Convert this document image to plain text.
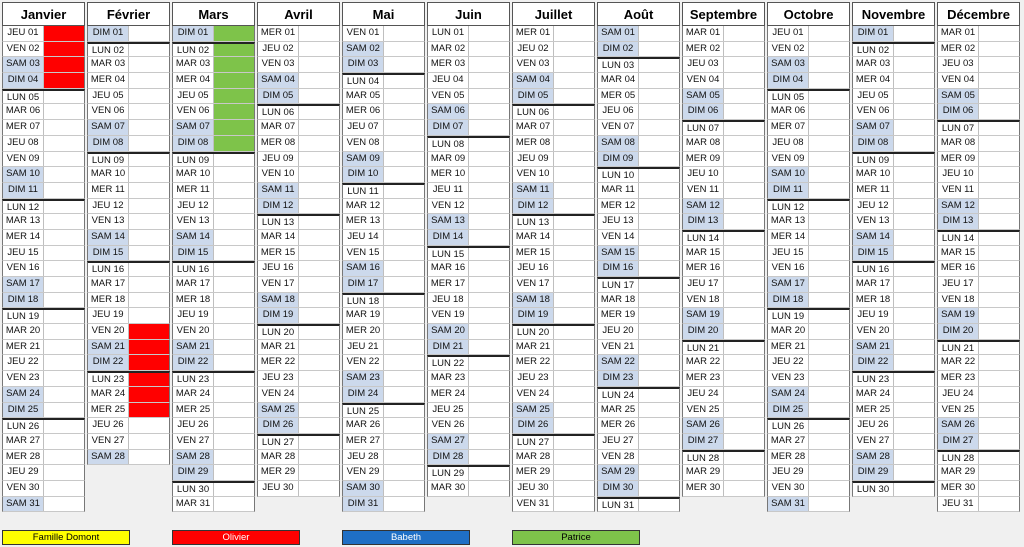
Janvier
JEU 01
VEN 02
SAM 03
DIM 04
LUN 05
MAR 06
MER 07
JEU 08
VEN 09
SAM 10
DIM 11
LUN 12
MAR 13
MER 14
JEU 15
VEN 16
SAM 17
DIM 18
LUN 19
MAR 20
MER 21
JEU 22
VEN 23
SAM 24
DIM 25
LUN 26
MAR 27
MER 28
JEU 29
VEN 30
SAM 31
Février
DIM 01
LUN 02
MAR 03
MER 04
JEU 05
VEN 06
SAM 07
DIM 08
LUN 09
MAR 10
MER 11
JEU 12
VEN 13
SAM 14
DIM 15
LUN 16
MAR 17
MER 18
JEU 19
VEN 20
SAM 21
DIM 22
LUN 23
MAR 24
MER 25
JEU 26
VEN 27
SAM 28
Mars
DIM 01
LUN 02
MAR 03
MER 04
JEU 05
VEN 06
SAM 07
DIM 08
LUN 09
MAR 10
MER 11
JEU 12
VEN 13
SAM 14
DIM 15
LUN 16
MAR 17
MER 18
JEU 19
VEN 20
SAM 21
DIM 22
LUN 23
MAR 24
MER 25
JEU 26
VEN 27
SAM 28
DIM 29
LUN 30
MAR 31
Avril
MER 01
JEU 02
VEN 03
SAM 04
DIM 05
LUN 06
MAR 07
MER 08
JEU 09
VEN 10
SAM 11
DIM 12
LUN 13
MAR 14
MER 15
JEU 16
VEN 17
SAM 18
DIM 19
LUN 20
MAR 21
MER 22
JEU 23
VEN 24
SAM 25
DIM 26
LUN 27
MAR 28
MER 29
JEU 30
Mai
VEN 01
SAM 02
DIM 03
LUN 04
MAR 05
MER 06
JEU 07
VEN 08
SAM 09
DIM 10
LUN 11
MAR 12
MER 13
JEU 14
VEN 15
SAM 16
DIM 17
LUN 18
MAR 19
MER 20
JEU 21
VEN 22
SAM 23
DIM 24
LUN 25
MAR 26
MER 27
JEU 28
VEN 29
SAM 30
DIM 31
Juin
LUN 01
MAR 02
MER 03
JEU 04
VEN 05
SAM 06
DIM 07
LUN 08
MAR 09
MER 10
JEU 11
VEN 12
SAM 13
DIM 14
LUN 15
MAR 16
MER 17
JEU 18
VEN 19
SAM 20
DIM 21
LUN 22
MAR 23
MER 24
JEU 25
VEN 26
SAM 27
DIM 28
LUN 29
MAR 30
Juillet
MER 01
JEU 02
VEN 03
SAM 04
DIM 05
LUN 06
MAR 07
MER 08
JEU 09
VEN 10
SAM 11
DIM 12
LUN 13
MAR 14
MER 15
JEU 16
VEN 17
SAM 18
DIM 19
LUN 20
MAR 21
MER 22
JEU 23
VEN 24
SAM 25
DIM 26
LUN 27
MAR 28
MER 29
JEU 30
VEN 31
Août
SAM 01
DIM 02
LUN 03
MAR 04
MER 05
JEU 06
VEN 07
SAM 08
DIM 09
LUN 10
MAR 11
MER 12
JEU 13
VEN 14
SAM 15
DIM 16
LUN 17
MAR 18
MER 19
JEU 20
VEN 21
SAM 22
DIM 23
LUN 24
MAR 25
MER 26
JEU 27
VEN 28
SAM 29
DIM 30
LUN 31
Septembre
MAR 01
MER 02
JEU 03
VEN 04
SAM 05
DIM 06
LUN 07
MAR 08
MER 09
JEU 10
VEN 11
SAM 12
DIM 13
LUN 14
MAR 15
MER 16
JEU 17
VEN 18
SAM 19
DIM 20
LUN 21
MAR 22
MER 23
JEU 24
VEN 25
SAM 26
DIM 27
LUN 28
MAR 29
MER 30
Octobre
JEU 01
VEN 02
SAM 03
DIM 04
LUN 05
MAR 06
MER 07
JEU 08
VEN 09
SAM 10
DIM 11
LUN 12
MAR 13
MER 14
JEU 15
VEN 16
SAM 17
DIM 18
LUN 19
MAR 20
MER 21
JEU 22
VEN 23
SAM 24
DIM 25
LUN 26
MAR 27
MER 28
JEU 29
VEN 30
SAM 31
Novembre
DIM 01
LUN 02
MAR 03
MER 04
JEU 05
VEN 06
SAM 07
DIM 08
LUN 09
MAR 10
MER 11
JEU 12
VEN 13
SAM 14
DIM 15
LUN 16
MAR 17
MER 18
JEU 19
VEN 20
SAM 21
DIM 22
LUN 23
MAR 24
MER 25
JEU 26
VEN 27
SAM 28
DIM 29
LUN 30
Décembre
MAR 01
MER 02
JEU 03
VEN 04
SAM 05
DIM 06
LUN 07
MAR 08
MER 09
JEU 10
VEN 11
SAM 12
DIM 13
LUN 14
MAR 15
MER 16
JEU 17
VEN 18
SAM 19
DIM 20
LUN 21
MAR 22
MER 23
JEU 24
VEN 25
SAM 26
DIM 27
LUN 28
MAR 29
MER 30
JEU 31
Famille Domont	Olivier	Babeth	Patrice
